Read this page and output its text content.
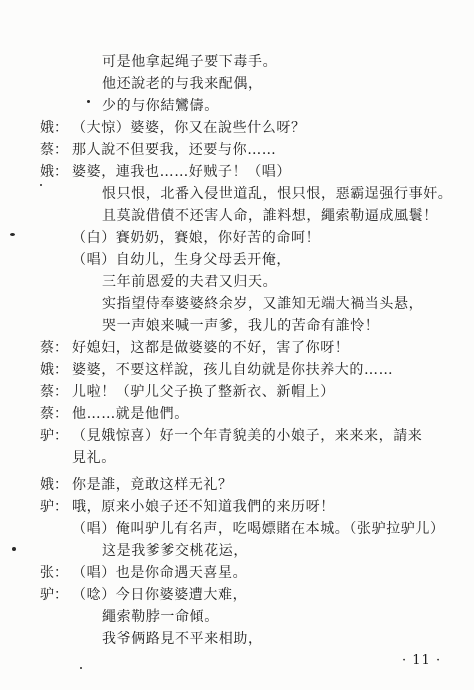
可是他拿起绳子要下毒手。
他还說老的与我来配偶，
少的与你結鸞儔。
娥： （大惊）婆婆，你又在說些什么呀？
蔡： 那人說不但要我，还要与你……
娥： 婆婆，連我也……好贼子！（唱）
恨只恨，北番入侵世道乱，恨只恨，惡霸逞强行事奸。
且莫說借債不还害人命，誰料想，繩索勒逼成風鬟！
（白）賽奶奶，賽娘，你好苦的命呵！
（唱）自幼儿，生身父母丢开俺，
三年前恩爱的夫君又归天。
实指望侍奉婆婆終余岁，又誰知无端大禍当头悬，
哭一声娘来喊一声爹，我儿的苦命有誰怜！
蔡： 好媳妇，这都是做婆婆的不好，害了你呀！
娥： 婆婆，不要这样說，孩儿自幼就是你扶养大的……
蔡： 儿啦！（驴儿父子换了整新衣、新帽上）
蔡： 他……就是他們。
驴： （見娥惊喜）好一个年青貌美的小娘子，来来来，請来
見礼。
娥： 你是誰，竟敢这样无礼？
驴： 哦，原来小娘子还不知道我們的来历呀！
（唱）俺叫驴儿有名声，吃喝嫖賭在本城。（张驴拉驴儿）
这是我爹爹交桃花运，
张： （唱）也是你命遇天喜星。
驴： （唸）今日你婆婆遭大难，
繩索勒脖一命傾。
我爷俩路見不平来相助，
· 11 ·
